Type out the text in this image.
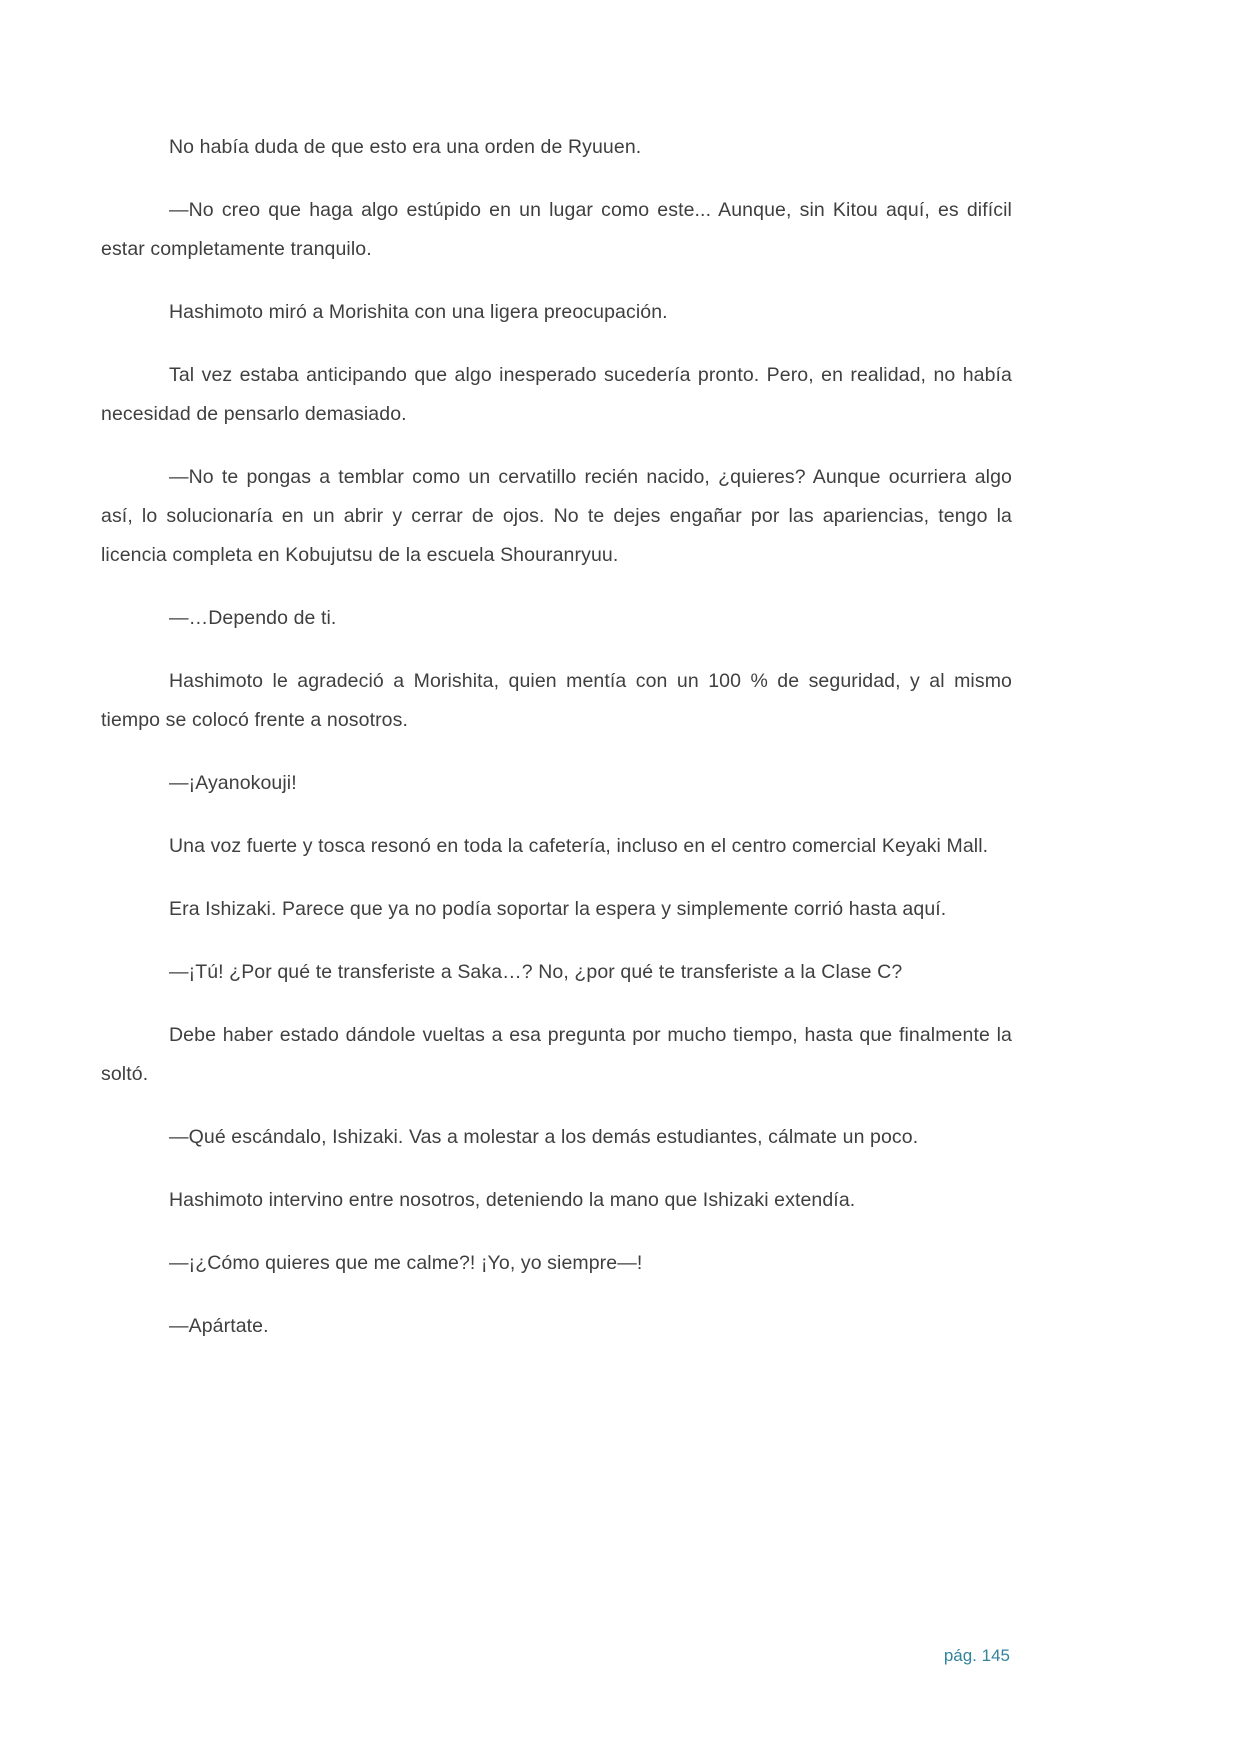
No había duda de que esto era una orden de Ryuuen.

—No creo que haga algo estúpido en un lugar como este... Aunque, sin Kitou aquí, es difícil estar completamente tranquilo.

Hashimoto miró a Morishita con una ligera preocupación.

Tal vez estaba anticipando que algo inesperado sucedería pronto. Pero, en realidad, no había necesidad de pensarlo demasiado.

—No te pongas a temblar como un cervatillo recién nacido, ¿quieres? Aunque ocurriera algo así, lo solucionaría en un abrir y cerrar de ojos. No te dejes engañar por las apariencias, tengo la licencia completa en Kobujutsu de la escuela Shouranryuu.

—…Dependo de ti.

Hashimoto le agradeció a Morishita, quien mentía con un 100 % de seguridad, y al mismo tiempo se colocó frente a nosotros.

—¡Ayanokouji!

Una voz fuerte y tosca resonó en toda la cafetería, incluso en el centro comercial Keyaki Mall.

Era Ishizaki. Parece que ya no podía soportar la espera y simplemente corrió hasta aquí.

—¡Tú! ¿Por qué te transferiste a Saka…? No, ¿por qué te transferiste a la Clase C?

Debe haber estado dándole vueltas a esa pregunta por mucho tiempo, hasta que finalmente la soltó.

—Qué escándalo, Ishizaki. Vas a molestar a los demás estudiantes, cálmate un poco.

Hashimoto intervino entre nosotros, deteniendo la mano que Ishizaki extendía.

—¡¿Cómo quieres que me calme?! ¡Yo, yo siempre—!

—Apártate.

pág. 145
